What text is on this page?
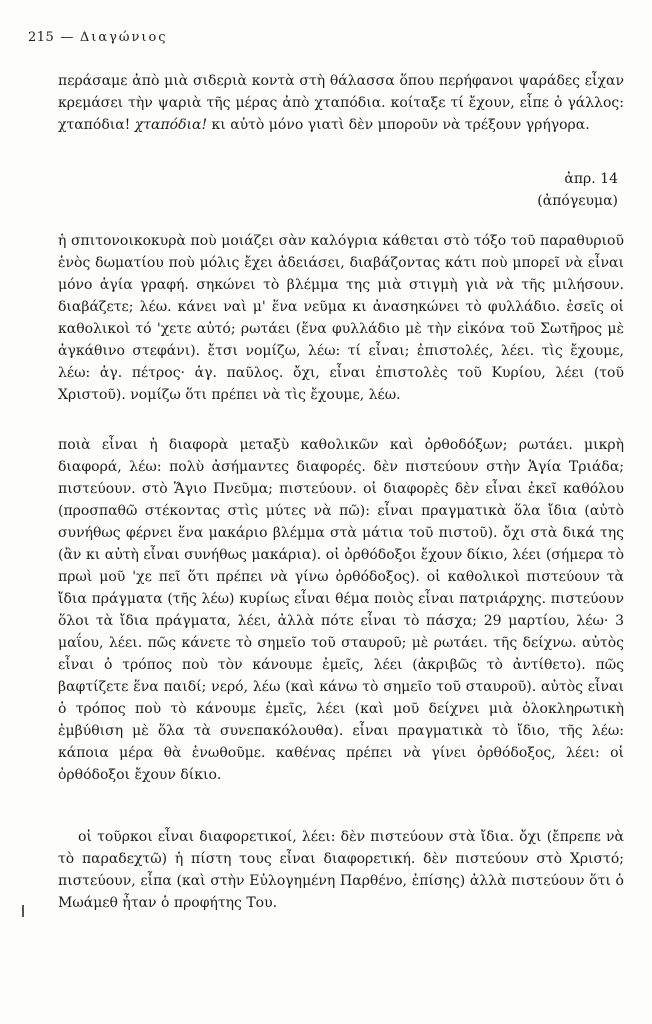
215 — Διαγώνιος

περάσαμε ἀπὸ μιὰ σιδεριὰ κοντὰ στὴ θάλασσα ὅπου περήφανοι ψαράδες εἶχαν κρεμάσει τὴν ψαριὰ τῆς μέρας ἀπὸ χταπόδια. κοίταξε τί ἔχουν, εἶπε ὁ γάλλος: χταπόδια! χταπόδια! κι αὐτὸ μόνο γιατὶ δὲν μποροῦν νὰ τρέξουν γρήγορα.

ἀπρ. 14
(ἀπόγευμα)

ἡ σπιτονοικοκυρὰ ποὺ μοιάζει σὰν καλόγρια κάθεται στὸ τόξο τοῦ παραθυριοῦ ἑνὸς δωματίου ποὺ μόλις ἔχει ἀδειάσει, διαβάζοντας κάτι ποὺ μπορεῖ νὰ εἶναι μόνο ἁγία γραφή. σηκώνει τὸ βλέμμα της μιὰ στιγμὴ γιὰ νὰ τῆς μιλήσουν. διαβάζετε; λέω. κάνει ναὶ μ' ἕνα νεῦμα κι ἀνασηκώνει τὸ φυλλάδιο. ἐσεῖς οἱ καθολικοὶ τό 'χετε αὐτό; ρωτάει (ἕνα φυλλάδιο μὲ τὴν εἰκόνα τοῦ Σωτῆρος μὲ ἀγκάθινο στεφάνι). ἔτσι νομίζω, λέω: τί εἶναι; ἐπιστολές, λέει. τὶς ἔχουμε, λέω: ἁγ. πέτρος· ἁγ. παῦλος. ὄχι, εἶναι ἐπιστολὲς τοῦ Κυρίου, λέει (τοῦ Χριστοῦ). νομίζω ὅτι πρέπει νὰ τὶς ἔχουμε, λέω.

ποιὰ εἶναι ἡ διαφορὰ μεταξὺ καθολικῶν καὶ ὀρθοδόξων; ρωτάει. μικρὴ διαφορά, λέω: πολὺ ἀσήμαντες διαφορές. δὲν πιστεύουν στὴν Ἁγία Τριάδα; πιστεύουν. στὸ Ἅγιο Πνεῦμα; πιστεύουν. οἱ διαφορὲς δὲν εἶναι ἐκεῖ καθόλου (προσπαθῶ στέκοντας στὶς μύτες νὰ πῶ): εἶναι πραγματικὰ ὅλα ἴδια (αὐτὸ συνήθως φέρνει ἕνα μακάριο βλέμμα στὰ μάτια τοῦ πιστοῦ). ὄχι στὰ δικά της (ἂν κι αὐτὴ εἶναι συνήθως μακάρια). οἱ ὀρθόδοξοι ἔχουν δίκιο, λέει (σήμερα τὸ πρωὶ μοῦ 'χε πεῖ ὅτι πρέπει νὰ γίνω ὀρθόδοξος). οἱ καθολικοὶ πιστεύουν τὰ ἴδια πράγματα (τῆς λέω) κυρίως εἶναι θέμα ποιὸς εἶναι πατριάρχης. πιστεύουν ὅλοι τὰ ἴδια πράγματα, λέει, ἀλλὰ πότε εἶναι τὸ πάσχα; 29 μαρτίου, λέω· 3 μαΐου, λέει. πῶς κάνετε τὸ σημεῖο τοῦ σταυροῦ; μὲ ρωτάει. τῆς δείχνω. αὐτὸς εἶναι ὁ τρόπος ποὺ τὸν κάνουμε ἐμεῖς, λέει (ἀκριβῶς τὸ ἀντίθετο). πῶς βαφτίζετε ἕνα παιδί; νερό, λέω (καὶ κάνω τὸ σημεῖο τοῦ σταυροῦ). αὐτὸς εἶναι ὁ τρόπος ποὺ τὸ κάνουμε ἐμεῖς, λέει (καὶ μοῦ δείχνει μιὰ ὁλοκληρωτικὴ ἐμβύθιση μὲ ὅλα τὰ συνεπακόλουθα). εἶναι πραγματικὰ τὸ ἴδιο, τῆς λέω: κάποια μέρα θὰ ἑνωθοῦμε. καθένας πρέπει νὰ γίνει ὀρθόδοξος, λέει: οἱ ὀρθόδοξοι ἔχουν δίκιο.

οἱ τοῦρκοι εἶναι διαφορετικοί, λέει: δὲν πιστεύουν στὰ ἴδια. ὄχι (ἔπρεπε νὰ τὸ παραδεχτῶ) ἡ πίστη τους εἶναι διαφορετική. δὲν πιστεύουν στὸ Χριστό; πιστεύουν, εἶπα (καὶ στὴν Εὐλογημένη Παρθένο, ἐπίσης) ἀλλὰ πιστεύουν ὅτι ὁ Μωάμεθ ἦταν ὁ προφήτης Του.
